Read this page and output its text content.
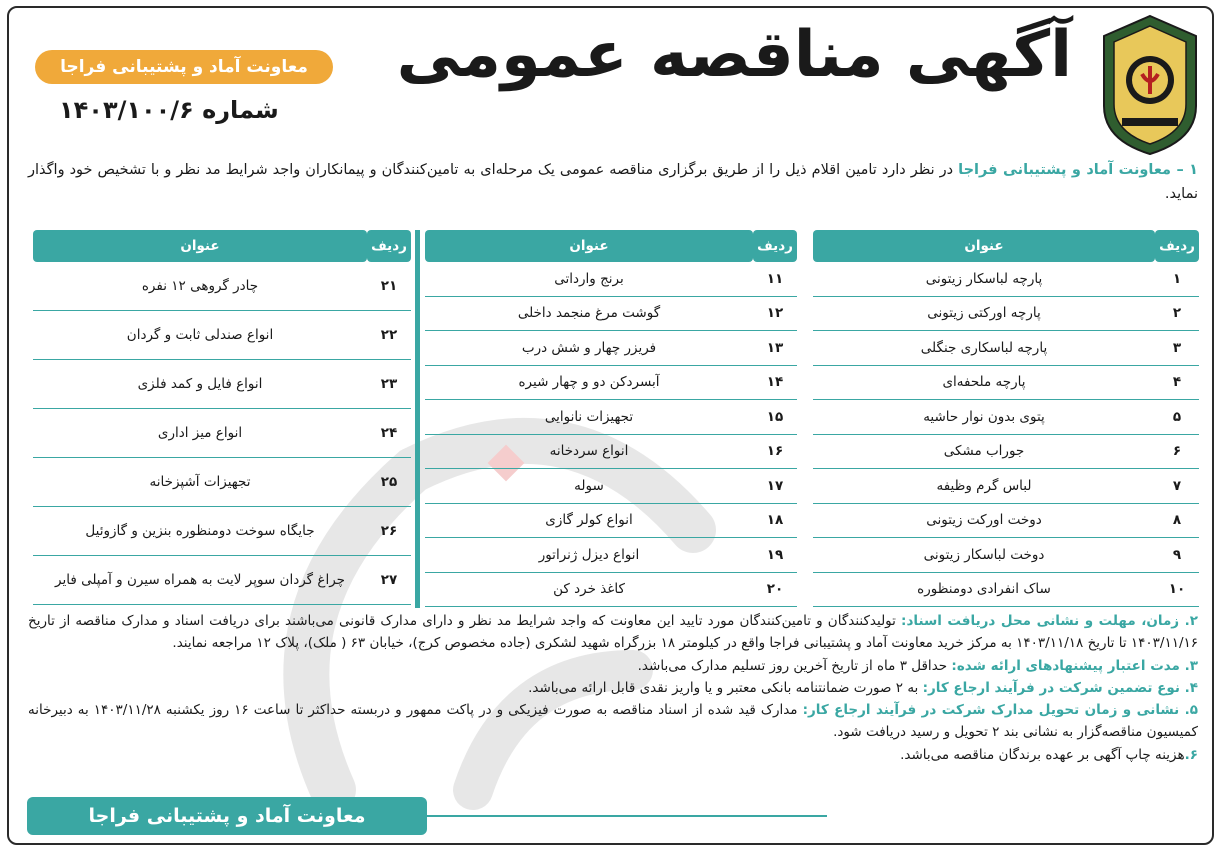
آگهی مناقصه عمومی
معاونت آماد و پشتیبانی فراجا
شماره ۱۴۰۳/۱۰۰/۶
۱ – معاونت آماد و پشتیبانی فراجا در نظر دارد تامین اقلام ذیل را از طریق برگزاری مناقصه عمومی یک مرحله‌ای به تامین‌کنندگان و پیمانکاران واجد شرایط مد نظر و با تشخیص خود واگذار نماید.
ردیف	عنوان
۱	پارچه لباسکار زیتونی
۲	پارچه اورکتی زیتونی
۳	پارچه لباسکاری جنگلی
۴	پارچه ملحفه‌ای
۵	پتوی بدون نوار حاشیه
۶	جوراب مشکی
۷	لباس گرم وظیفه
۸	دوخت اورکت زیتونی
۹	دوخت لباسکار زیتونی
۱۰	ساک انفرادی دومنظوره
ردیف	عنوان
۱۱	برنج وارداتی
۱۲	گوشت مرغ منجمد داخلی
۱۳	فریزر چهار و شش درب
۱۴	آبسردکن دو و چهار شیره
۱۵	تجهیزات نانوایی
۱۶	انواع سردخانه
۱۷	سوله
۱۸	انواع کولر گازی
۱۹	انواع دیزل ژنراتور
۲۰	کاغذ خرد کن
ردیف	عنوان
۲۱	چادر گروهی ۱۲ نفره
۲۲	انواع صندلی ثابت و گردان
۲۳	انواع فایل و کمد فلزی
۲۴	انواع میز اداری
۲۵	تجهیزات آشپزخانه
۲۶	جایگاه سوخت دومنظوره بنزین و گازوئیل
۲۷	چراغ گردان سوپر لایت به همراه سیرن و آمپلی فایر
۲. زمان، مهلت و نشانی محل دریافت اسناد: تولیدکنندگان و تامین‌کنندگان مورد تایید این معاونت که واجد شرایط مد نظر و دارای مدارک قانونی می‌باشند برای دریافت اسناد و مدارک مناقصه از تاریخ ۱۴۰۳/۱۱/۱۶ تا تاریخ ۱۴۰۳/۱۱/۱۸ به مرکز خرید معاونت آماد و پشتیبانی فراجا واقع در کیلومتر ۱۸ بزرگراه شهید لشکری (جاده مخصوص کرج)، خیابان ۶۳ ( ملک)، پلاک ۱۲ مراجعه نمایند.
۳. مدت اعتبار پیشنهادهای ارائه شده: حداقل ۳ ماه از تاریخ آخرین روز تسلیم مدارک می‌باشد.
۴. نوع تضمین شرکت در فرآیند ارجاع کار: به ۲ صورت ضمانتنامه بانکی معتبر و یا واریز نقدی قابل ارائه می‌باشد.
۵. نشانی و زمان تحویل مدارک شرکت در فرآیند ارجاع کار: مدارک قید شده از اسناد مناقصه به صورت فیزیکی و در پاکت ممهور و دربسته حداکثر تا ساعت ۱۶ روز یکشنبه ۱۴۰۳/۱۱/۲۸ به دبیرخانه کمیسیون مناقصه‌گزار به نشانی بند ۲ تحویل و رسید دریافت شود.
۶.هزینه چاپ آگهی بر عهده برندگان مناقصه می‌باشد.
معاونت آماد و پشتیبانی فراجا
